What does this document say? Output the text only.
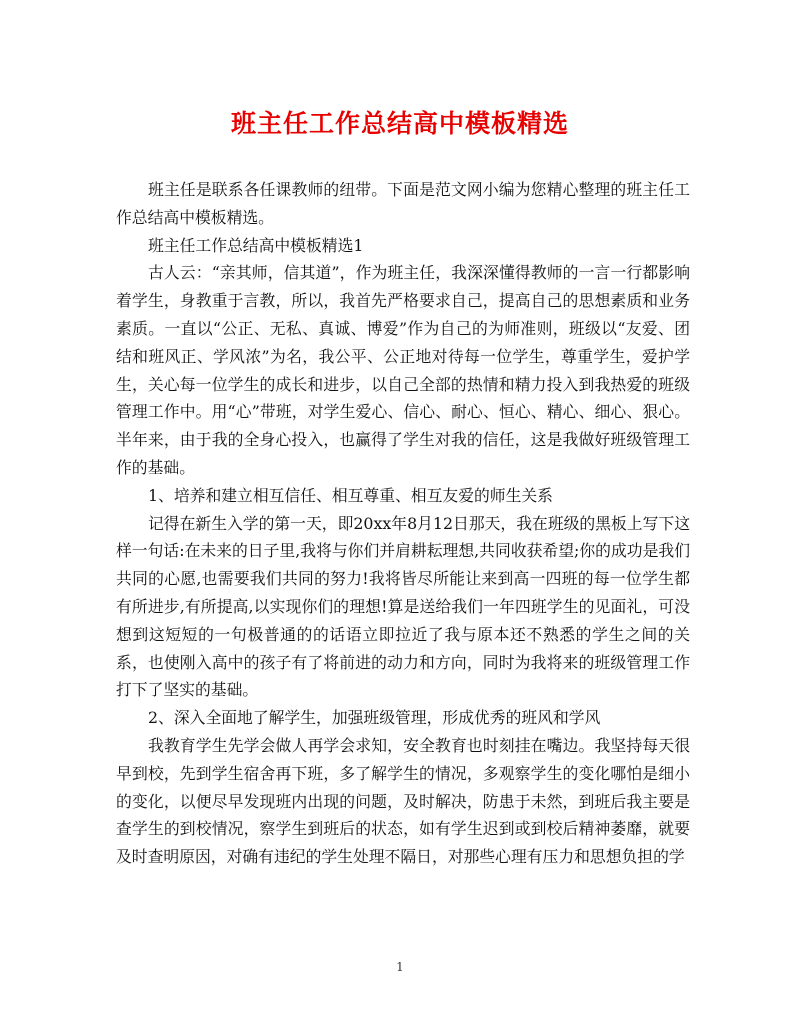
班主任工作总结高中模板精选

班主任是联系各任课教师的纽带。下面是范文网小编为您精心整理的班主任工作总结高中模板精选。

班主任工作总结高中模板精选1

古人云：“亲其师，信其道”，作为班主任，我深深懂得教师的一言一行都影响着学生，身教重于言教，所以，我首先严格要求自己，提高自己的思想素质和业务素质。一直以“公正、无私、真诚、博爱”作为自己的为师准则，班级以“友爱、团结和班风正、学风浓”为名，我公平、公正地对待每一位学生，尊重学生，爱护学生，关心每一位学生的成长和进步，以自己全部的热情和精力投入到我热爱的班级管理工作中。用“心”带班，对学生爱心、信心、耐心、恒心、精心、细心、狠心。半年来，由于我的全身心投入，也赢得了学生对我的信任，这是我做好班级管理工作的基础。

1、培养和建立相互信任、相互尊重、相互友爱的师生关系

记得在新生入学的第一天，即20xx年8月12日那天，我在班级的黑板上写下这样一句话:在未来的日子里,我将与你们并肩耕耘理想,共同收获希望;你的成功是我们共同的心愿,也需要我们共同的努力!我将皆尽所能让来到高一四班的每一位学生都有所进步,有所提高,以实现你们的理想!算是送给我们一年四班学生的见面礼，可没想到这短短的一句极普通的的话语立即拉近了我与原本还不熟悉的学生之间的关系，也使刚入高中的孩子有了将前进的动力和方向，同时为我将来的班级管理工作打下了坚实的基础。

2、深入全面地了解学生，加强班级管理，形成优秀的班风和学风

我教育学生先学会做人再学会求知，安全教育也时刻挂在嘴边。我坚持每天很早到校，先到学生宿舍再下班，多了解学生的情况，多观察学生的变化哪怕是细小的变化，以便尽早发现班内出现的问题，及时解决，防患于未然，到班后我主要是查学生的到校情况，察学生到班后的状态，如有学生迟到或到校后精神萎靡，就要及时查明原因，对确有违纪的学生处理不隔日，对那些心理有压力和思想负担的学

1
